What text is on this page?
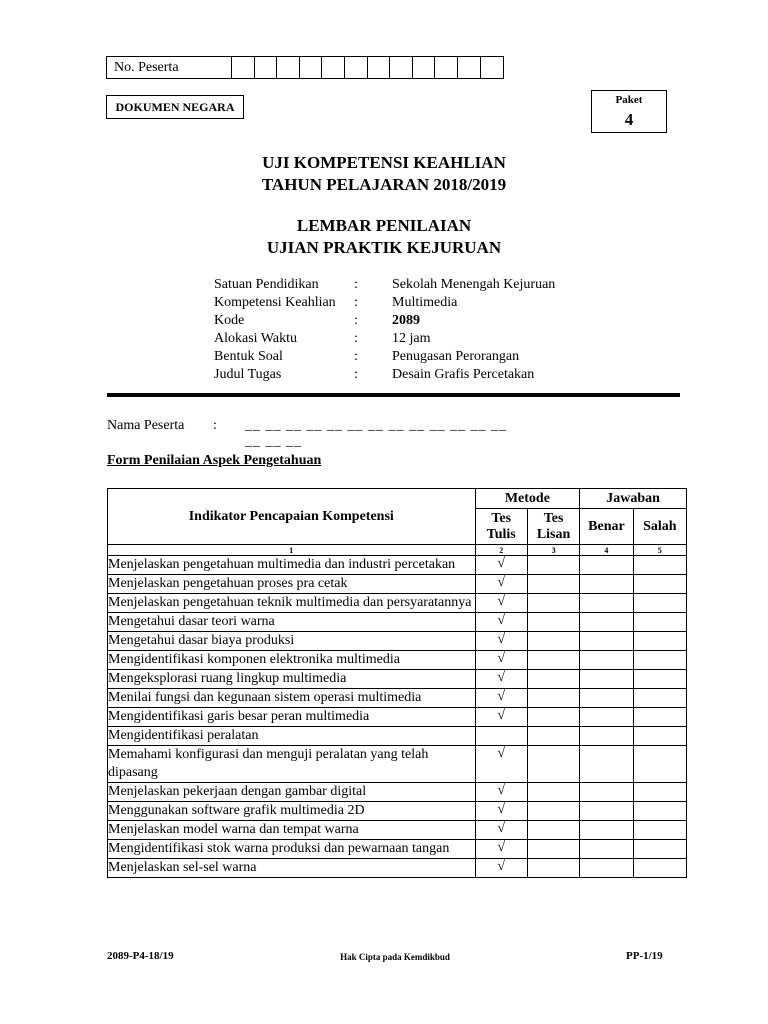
No. Peserta
DOKUMEN NEGARA	Paket
4
UJI KOMPETENSI KEAHLIAN
TAHUN PELAJARAN 2018/2019
LEMBAR PENILAIAN
UJIAN PRAKTIK KEJURUAN
Satuan Pendidikan	: Sekolah Menengah Kejuruan
Kompetensi Keahlian : Multimedia
Kode	: 2089
Alokasi Waktu	: 12 jam
Bentuk Soal	: Penugasan Perorangan
Judul Tugas	: Desain Grafis Percetakan
Nama Peserta : __ __ __ __ __ __ __ __ __ __ __ __ __ __ __ __
Form Penilaian Aspek Pengetahuan
Indikator Pencapaian Kompetensi	Metode		Jawaban	
	Tes Tulis	Tes Lisan	Benar	Salah
1	2	3	4	5
Menjelaskan pengetahuan multimedia dan industri percetakan	√			
Menjelaskan pengetahuan proses pra cetak	√			
Menjelaskan pengetahuan teknik multimedia dan persyaratannya	√			
Mengetahui dasar teori warna	√			
Mengetahui dasar biaya produksi	√			
Mengidentifikasi komponen elektronika multimedia	√			
Mengeksplorasi ruang lingkup multimedia	√			
Menilai fungsi dan kegunaan sistem operasi multimedia	√			
Mengidentifikasi garis besar peran multimedia	√			
Mengidentifikasi peralatan				
Memahami konfigurasi dan menguji peralatan yang telah dipasang	√			
Menjelaskan pekerjaan dengan gambar digital	√			
Menggunakan software grafik multimedia 2D	√			
Menjelaskan model warna dan tempat warna	√			
Mengidentifikasi stok warna produksi dan pewarnaan tangan	√			
Menjelaskan sel-sel warna	√			
2089-P4-18/19	Hak Cipta pada Kemdikbud	PP-1/19
